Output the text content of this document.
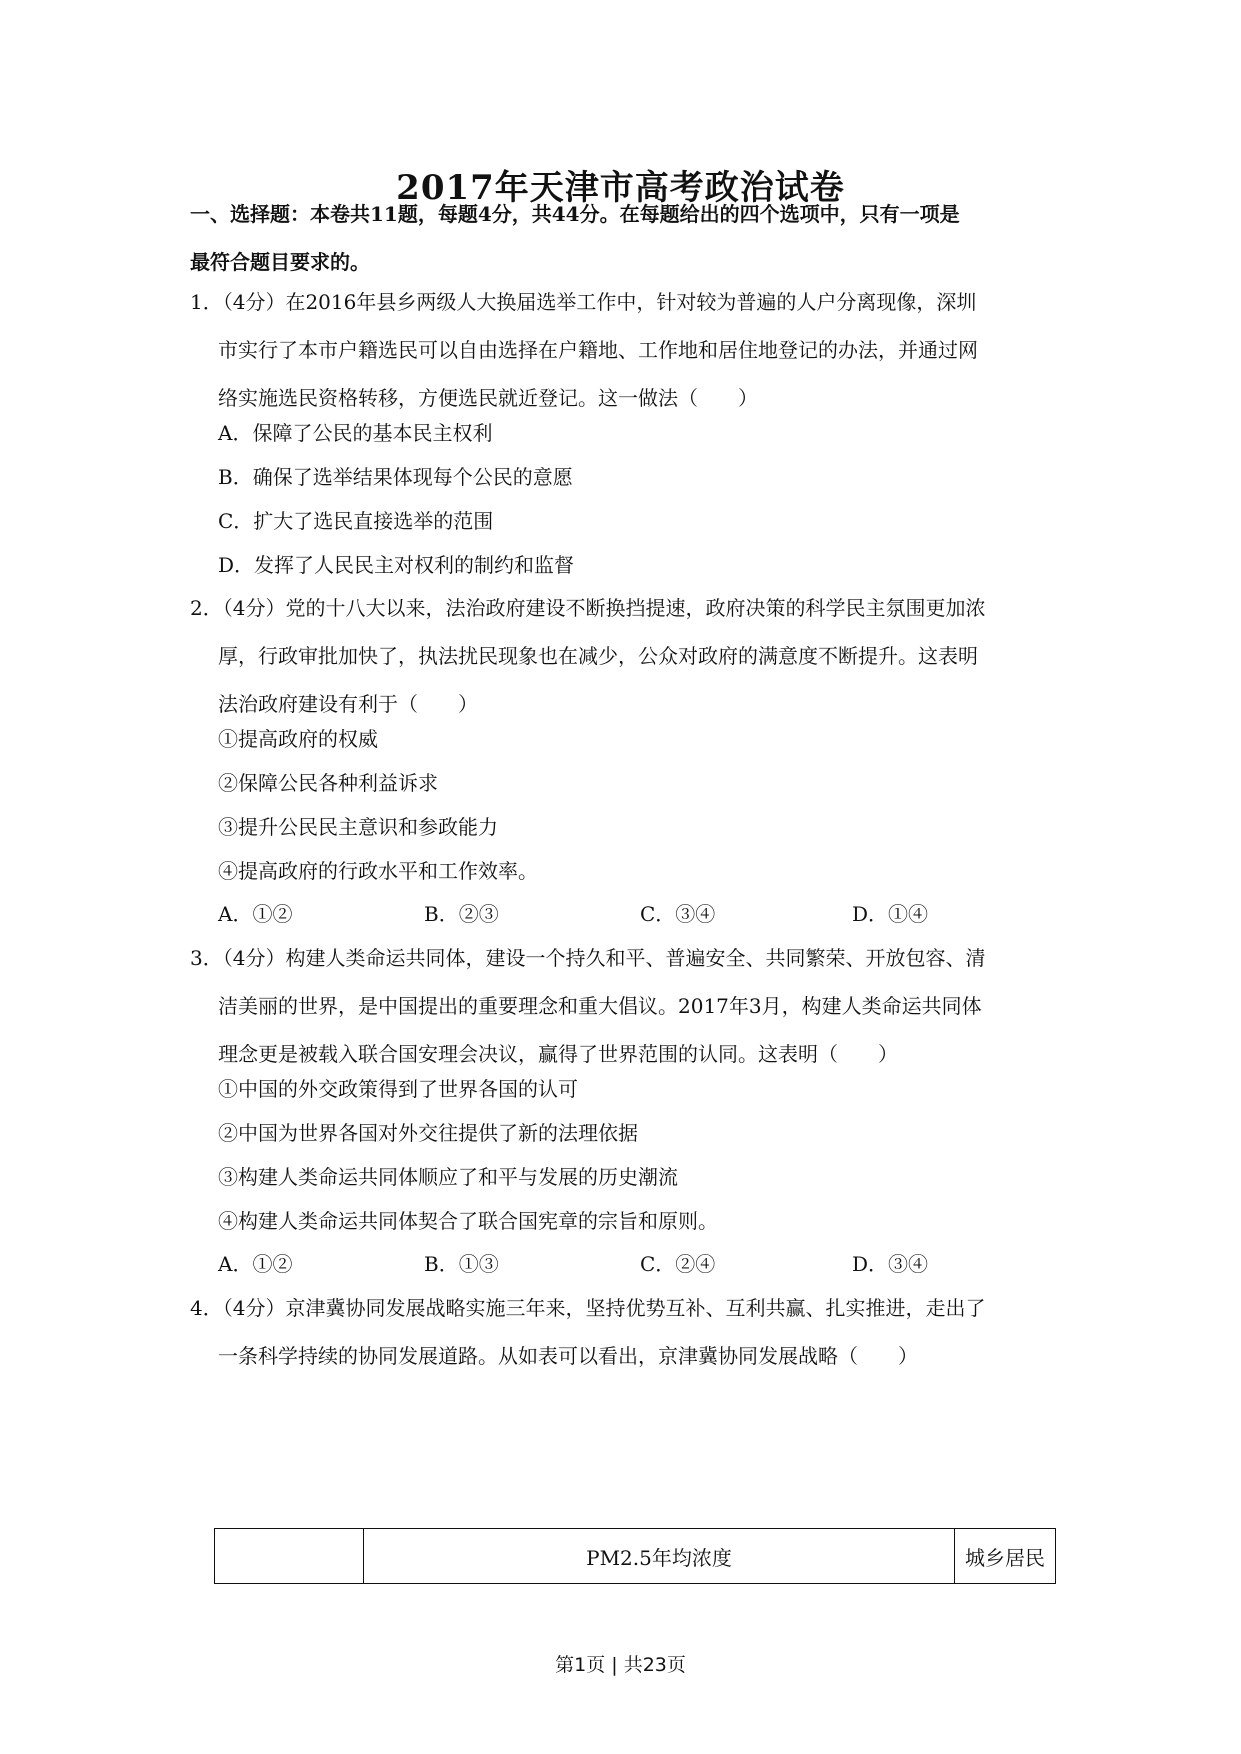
2017年天津市高考政治试卷
一、选择题：本卷共11题，每题4分，共44分。在每题给出的四个选项中，只有一项是
最符合题目要求的。
1．（4分）在2016年县乡两级人大换届选举工作中，针对较为普遍的人户分离现像，深圳
市实行了本市户籍选民可以自由选择在户籍地、工作地和居住地登记的办法，并通过网
络实施选民资格转移，方便选民就近登记。这一做法（　　）
A．保障了公民的基本民主权利
B．确保了选举结果体现每个公民的意愿
C．扩大了选民直接选举的范围
D．发挥了人民民主对权利的制约和监督
2．（4分）党的十八大以来，法治政府建设不断换挡提速，政府决策的科学民主氛围更加浓
厚，行政审批加快了，执法扰民现象也在减少，公众对政府的满意度不断提升。这表明
法治政府建设有利于（　　）
①提高政府的权威
②保障公民各种利益诉求
③提升公民民主意识和参政能力
④提高政府的行政水平和工作效率。
A．①②	B．②③	C．③④	D．①④
3．（4分）构建人类命运共同体，建设一个持久和平、普遍安全、共同繁荣、开放包容、清
洁美丽的世界，是中国提出的重要理念和重大倡议。2017年3月，构建人类命运共同体
理念更是被载入联合国安理会决议，赢得了世界范围的认同。这表明（　　）
①中国的外交政策得到了世界各国的认可
②中国为世界各国对外交往提供了新的法理依据
③构建人类命运共同体顺应了和平与发展的历史潮流
④构建人类命运共同体契合了联合国宪章的宗旨和原则。
A．①②	B．①③	C．②④	D．③④
4．（4分）京津冀协同发展战略实施三年来，坚持优势互补、互利共赢、扎实推进，走出了
一条科学持续的协同发展道路。从如表可以看出，京津冀协同发展战略（　　）
	PM2.5年均浓度	城乡居民
第1页 | 共23页
